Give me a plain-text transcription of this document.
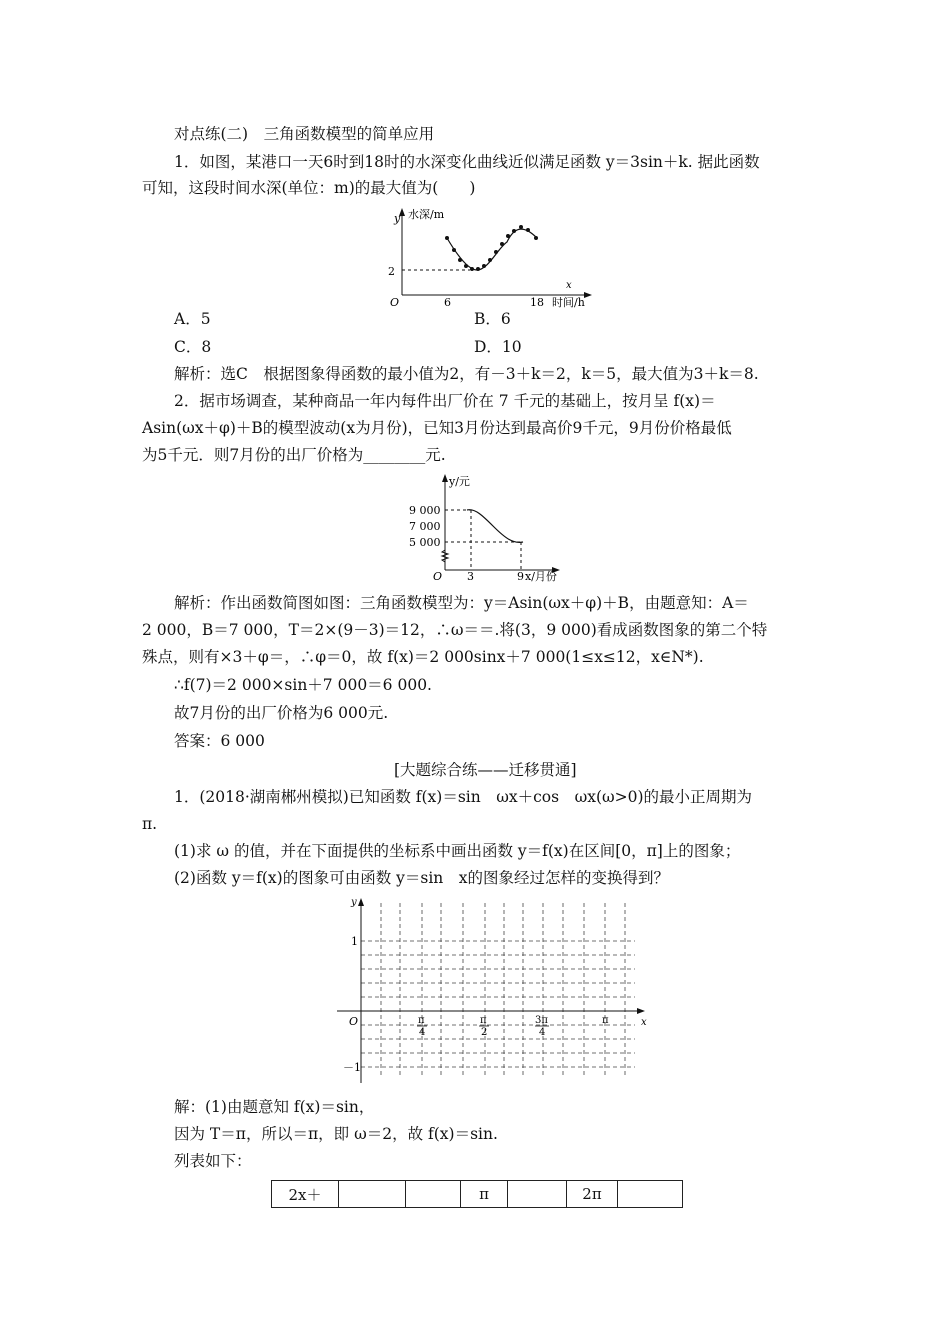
对点练(二)　三角函数模型的简单应用
1．如图，某港口一天6时到18时的水深变化曲线近似满足函数 y＝3sin＋k. 据此函数
可知，这段时间水深(单位：m)的最大值为(　　)
y 水深/m
2
O	6	18
x
时间/h
A．5	B．6
C．8	D．10
解析：选C　根据图象得函数的最小值为2，有－3＋k＝2，k＝5，最大值为3＋k＝8.
2．据市场调查，某种商品一年内每件出厂价在 7 千元的基础上，按月呈 f(x)＝
Asin(ωx＋φ)＋B的模型波动(x为月份)，已知3月份达到最高价9千元，9月份价格最低
为5千元．则7月份的出厂价格为________元.
y/元
9 000
7 000
5 000
O 3	9 x/月份
解析：作出函数简图如图：三角函数模型为：y＝Asin(ωx＋φ)＋B，由题意知：A＝
2 000，B＝7 000，T＝2×(9－3)＝12，∴ω＝＝.将(3，9 000)看成函数图象的第二个特
殊点，则有×3＋φ＝，∴φ＝0，故 f(x)＝2 000sinx＋7 000(1≤x≤12，x∈N*).
∴f(7)＝2 000×sin＋7 000＝6 000.
故7月份的出厂价格为6 000元.
答案：6 000
[大题综合练——迁移贯通]
1．(2018·湖南郴州模拟)已知函数 f(x)＝sin　ωx＋cos　ωx(ω>0)的最小正周期为
π.
(1)求 ω 的值，并在下面提供的坐标系中画出函数 y＝f(x)在区间[0，π]上的图象；
(2)函数 y＝f(x)的图象可由函数 y＝sin　x的图象经过怎样的变换得到？
y
1
－1
O	x
π
4
π
2
3π
4
π
解：(1)由题意知 f(x)＝sin，
因为 T＝π，所以＝π，即 ω＝2，故 f(x)＝sin.
列表如下：
2x＋			π		2π	
